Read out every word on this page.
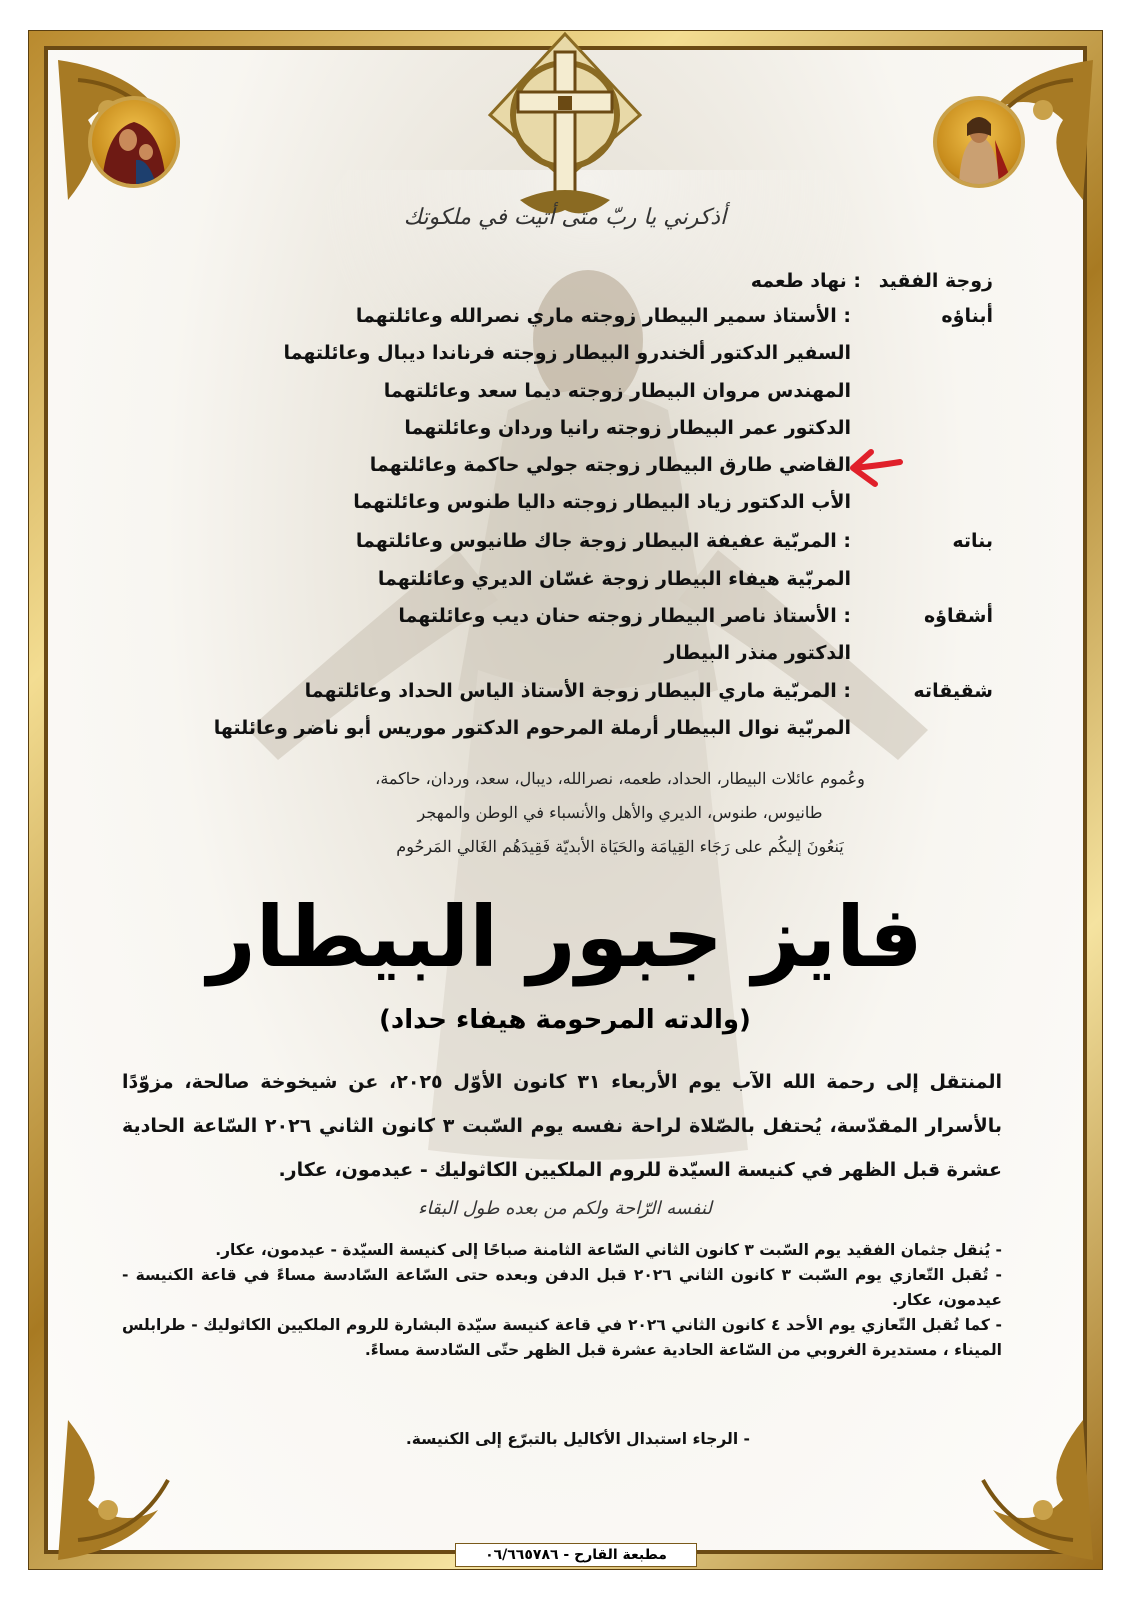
أذكرني يا ربّ متى أتيت في ملكوتك
زوجة الفقيد
: نهاد طعمه
أبناؤه
: الأستاذ سمير البيطار زوجته ماري نصرالله وعائلتهما
السفير الدكتور ألخندرو البيطار زوجته فرناندا ديبال وعائلتهما
المهندس مروان البيطار زوجته ديما سعد وعائلتهما
الدكتور عمر البيطار زوجته رانيا وردان وعائلتهما
القاضي طارق البيطار زوجته جولي حاكمة وعائلتهما
الأب الدكتور زياد البيطار زوجته داليا طنوس وعائلتهما
بناته
: المربّية عفيفة البيطار زوجة جاك طانيوس وعائلتهما
المربّية هيفاء البيطار زوجة غسّان الديري وعائلتهما
أشقاؤه
: الأستاذ ناصر البيطار زوجته حنان ديب وعائلتهما
الدكتور منذر البيطار
شقيقاته
: المربّية ماري البيطار زوجة الأستاذ الياس الحداد وعائلتهما
المربّية نوال البيطار أرملة المرحوم الدكتور موريس أبو ناضر وعائلتها
وعُموم عائلات البيطار، الحداد، طعمه، نصرالله، ديبال، سعد، وردان، حاكمة،
طانيوس، طنوس، الديري والأهل والأنسباء في الوطن والمهجر
يَنعُونَ إليكُم على رَجَاء القِيامَة والحَيَاة الأبديّة فَقِيدَهُم الغَالي المَرحُوم
فايز جبور البيطار
(والدته المرحومة هيفاء حداد)
المنتقل إلى رحمة الله الآب يوم الأربعاء ٣١ كانون الأوّل ٢٠٢٥، عن شيخوخة صالحة، مزوّدًا بالأسرار المقدّسة، يُحتفل بالصّلاة لراحة نفسه يوم السّبت ٣ كانون الثاني ٢٠٢٦ السّاعة الحادية عشرة قبل الظهر في كنيسة السيّدة للروم الملكيين الكاثوليك - عيدمون، عكار.
لنفسه الرّاحة ولكم من بعده طول البقاء
- يُنقل جثمان الفقيد يوم السّبت ٣ كانون الثاني السّاعة الثامنة صباحًا إلى كنيسة السيّدة - عيدمون، عكار.
- تُقبل التّعازي يوم السّبت ٣ كانون الثاني ٢٠٢٦ قبل الدفن وبعده حتى السّاعة السّادسة مساءً في قاعة الكنيسة - عيدمون، عكار.
- كما تُقبل التّعازي يوم الأحد ٤ كانون الثاني ٢٠٢٦ في قاعة كنيسة سيّدة البشارة للروم الملكيين الكاثوليك - طرابلس الميناء ، مستديرة الغروبي من السّاعة الحادية عشرة قبل الظهر حتّى السّادسة مساءً.
- الرجاء استبدال الأكاليل بالتبرّع إلى الكنيسة.
مطبعة القارح - ٠٦/٦٦٥٧٨٦
